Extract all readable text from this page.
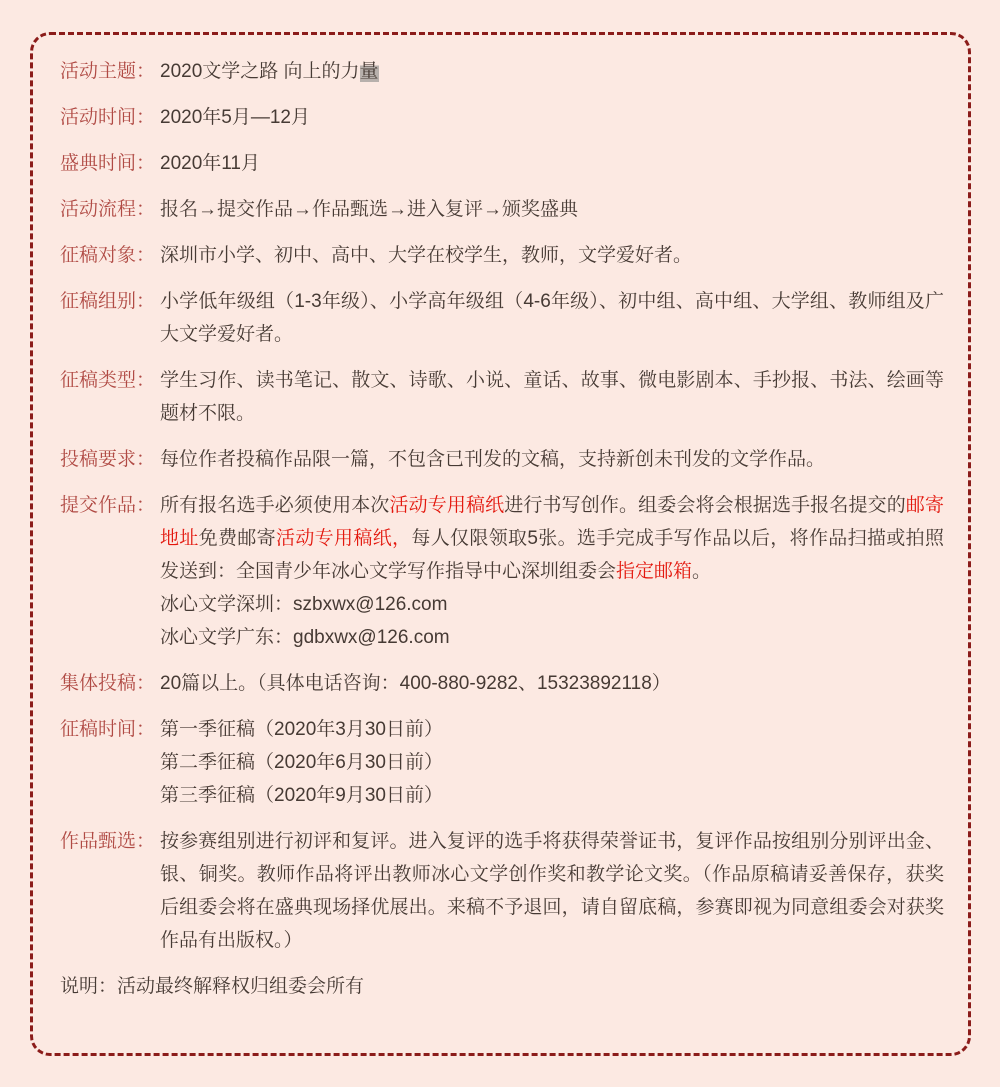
活动主题： 2020文学之路 向上的力量
活动时间： 2020年5月—12月
盛典时间： 2020年11月
活动流程： 报名→提交作品→作品甄选→进入复评→颁奖盛典
征稿对象： 深圳市小学、初中、高中、大学在校学生，教师，文学爱好者。
征稿组别： 小学低年级组（1-3年级）、小学高年级组（4-6年级）、初中组、高中组、大学组、教师组及广大文学爱好者。
征稿类型： 学生习作、读书笔记、散文、诗歌、小说、童话、故事、微电影剧本、手抄报、书法、绘画等题材不限。
投稿要求： 每位作者投稿作品限一篇，不包含已刊发的文稿，支持新创未刊发的文学作品。
提交作品： 所有报名选手必须使用本次活动专用稿纸进行书写创作。组委会将会根据选手报名提交的邮寄地址免费邮寄活动专用稿纸，每人仅限领取5张。选手完成手写作品以后，将作品扫描或拍照发送到：全国青少年冰心文学写作指导中心深圳组委会指定邮箱。
冰心文学深圳：szbxwx@126.com
冰心文学广东：gdbxwx@126.com
集体投稿： 20篇以上。（具体电话咨询：400-880-9282、15323892118）
征稿时间： 第一季征稿（2020年3月30日前）
第二季征稿（2020年6月30日前）
第三季征稿（2020年9月30日前）
作品甄选： 按参赛组别进行初评和复评。进入复评的选手将获得荣誉证书，复评作品按组别分别评出金、银、铜奖。教师作品将评出教师冰心文学创作奖和教学论文奖。（作品原稿请妥善保存，获奖后组委会将在盛典现场择优展出。来稿不予退回，请自留底稿，参赛即视为同意组委会对获奖作品有出版权。）
说明：活动最终解释权归组委会所有
